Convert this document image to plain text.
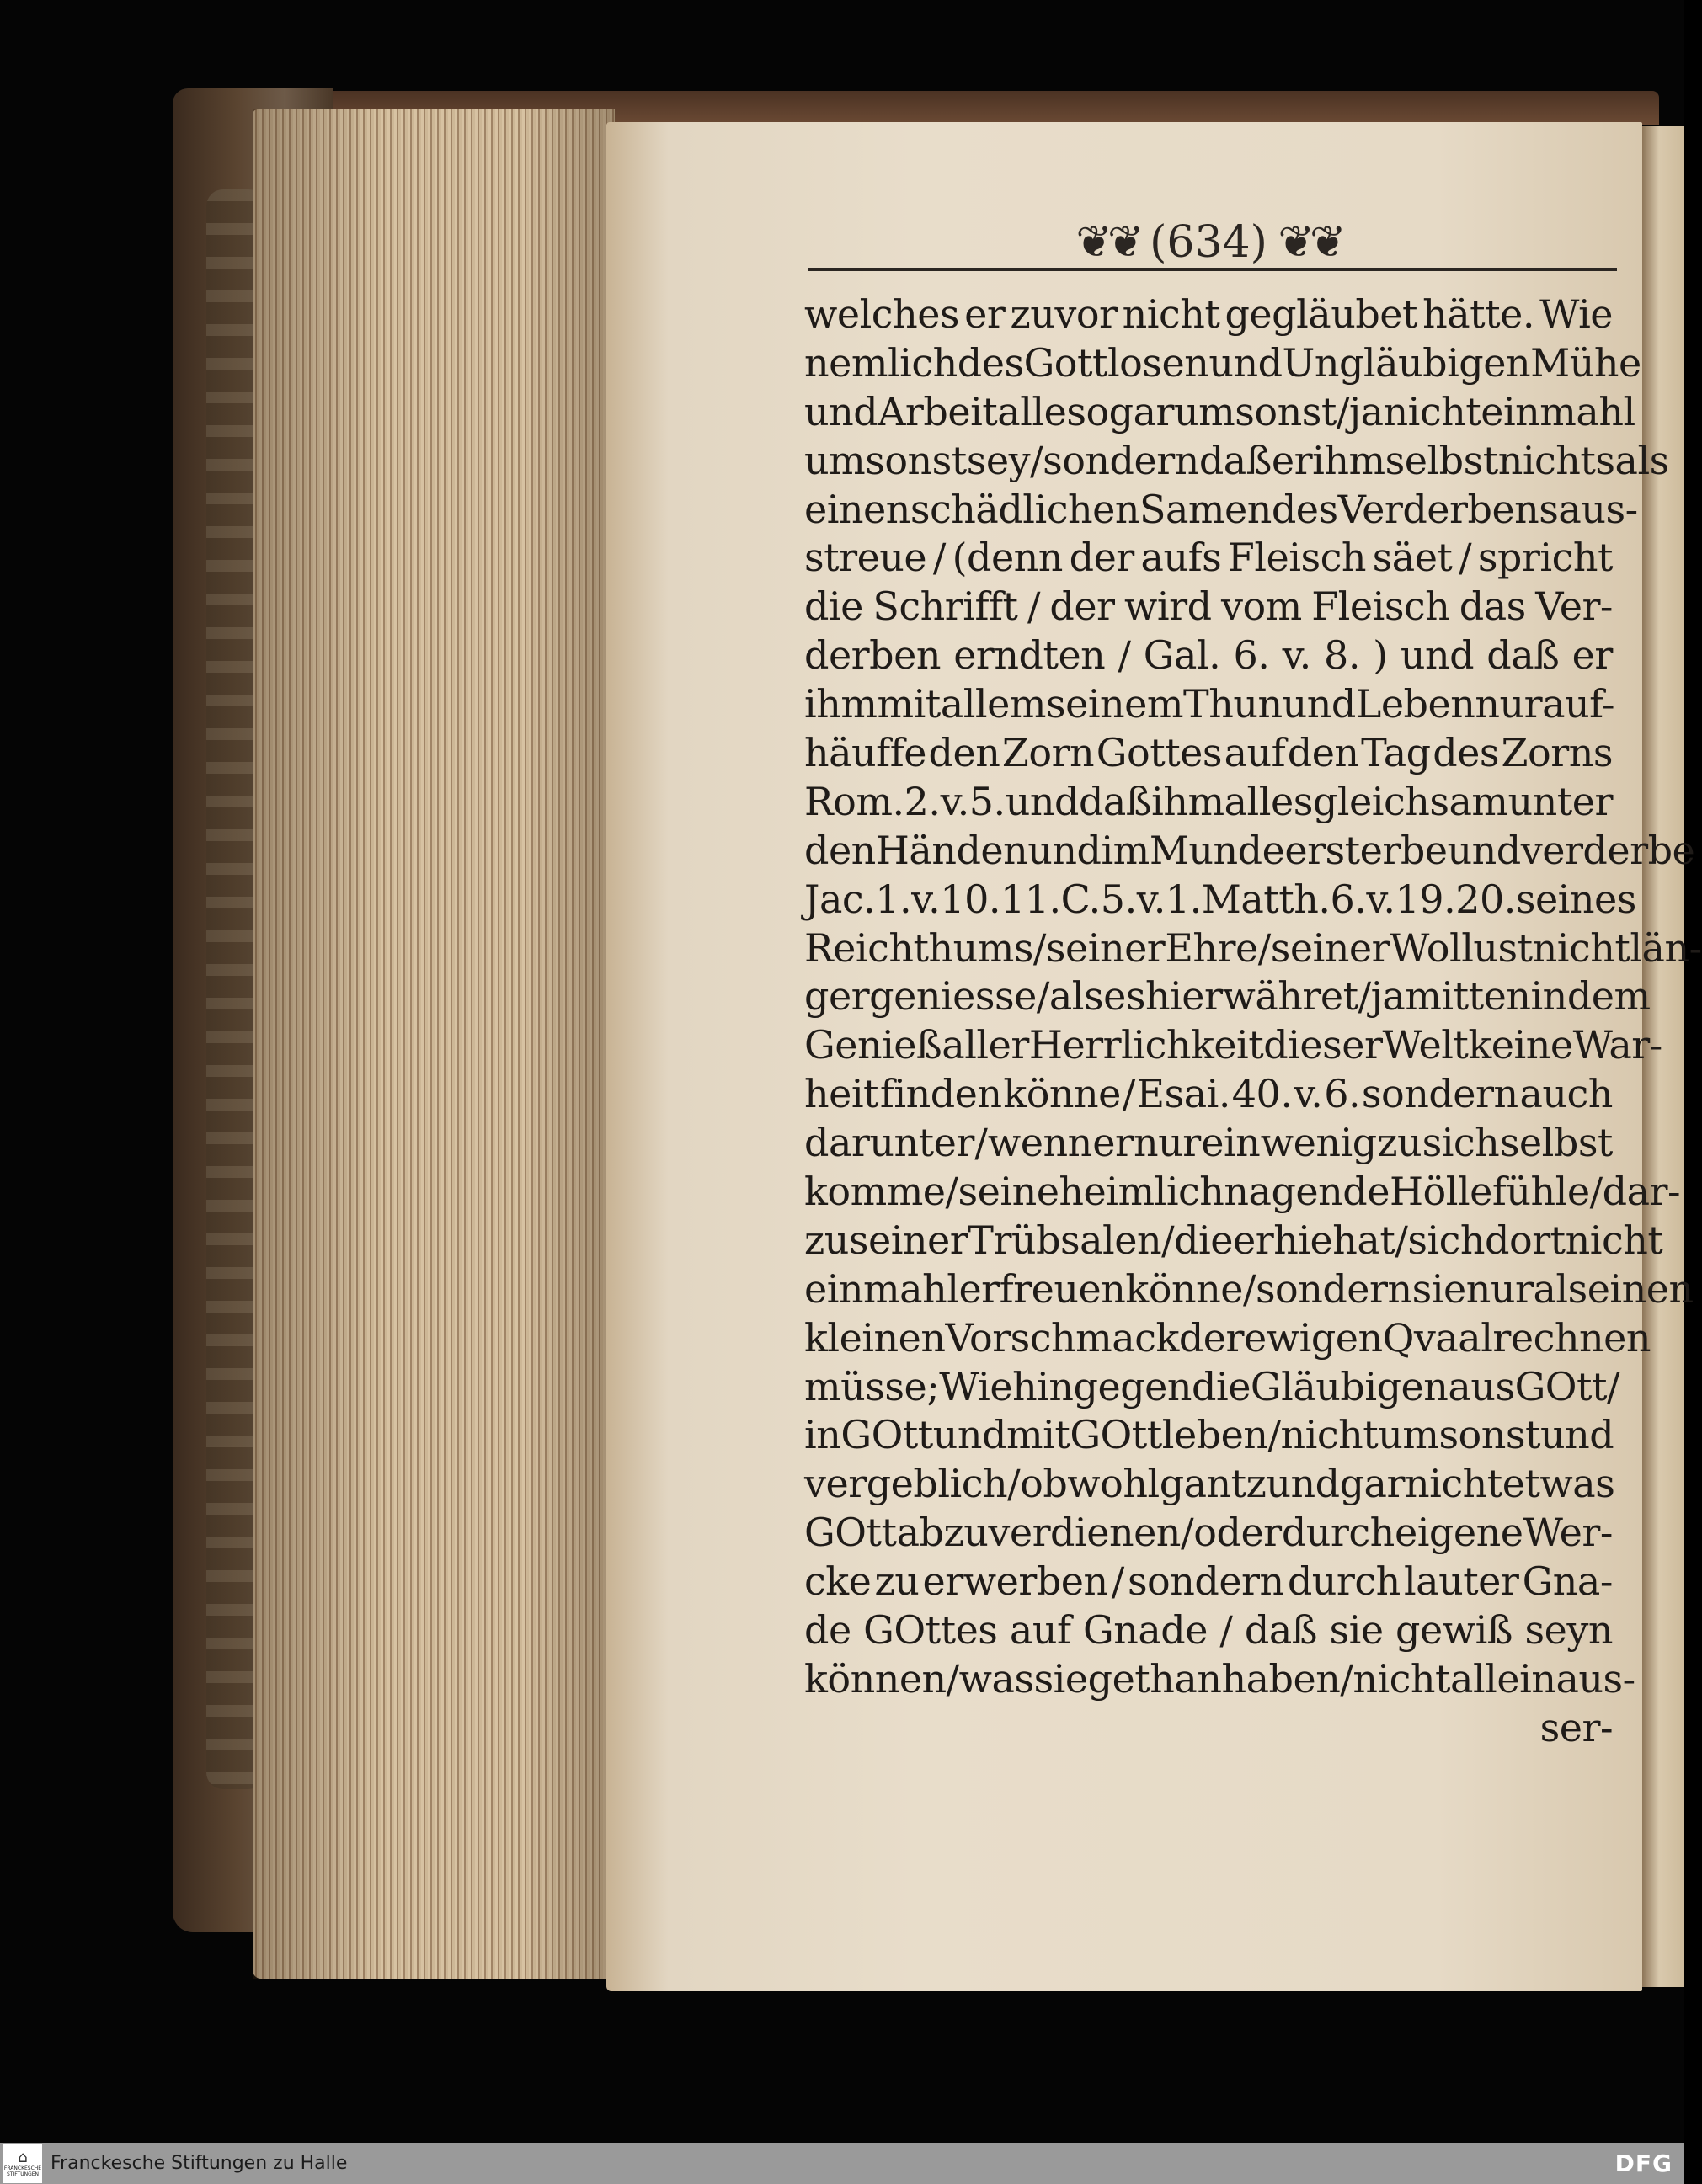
❦❦ (634) ❦❦
welches er zuvor nicht gegläubet hätte. Wie
nemlich des Gottlosen und Ungläubigen Mühe
und Arbeit alle so gar umsonst / ja nicht einmahl
umsonst sey / sondern daß er ihm selbst nichts als
einen schädlichen Samen des Verderbens aus-
streue / (denn der aufs Fleisch säet / spricht
die Schrifft / der wird vom Fleisch das Ver-
derben erndten / Gal. 6. v. 8. ) und daß er
ihm mit allem seinem Thun und Leben nur auf-
häuffe den Zorn Gottes auf den Tag des Zorns
Rom. 2. v. 5. und daß ihm alles gleichsam unter
den Händen und im Munde ersterbe und verderbe
Jac. 1. v. 10. 11. C. 5. v. 1. Matth. 6. v. 19. 20. seines
Reichthums / seiner Ehre / seiner Wollust nicht län-
ger geniesse / als es hier währet / ja mitten in dem
Genieß aller Herrlichkeit dieser Welt keine War-
heit finden könne / Esai. 40. v. 6. sondern auch
darunter / wenn er nur ein wenig zu sich selbst
komme / seine heimlich nagende Hölle fühle / dar-
zu seiner Trübsalen / die er hie hat / sich dort nicht
einmahl erfreuen könne / sondern sie nur als einen
kleinen Vorschmack der ewigen Qvaal rechnen
müsse ; Wie hingegen die Gläubigen aus GOtt /
in GOtt und mit GOtt leben / nicht umsonst und
vergeblich / ob wohl gantz und gar nicht etwas
GOtt abzuverdienen / oder durch eigene Wer-
cke zu erwerben / sondern durch lauter Gna-
de GOttes auf Gnade / daß sie gewiß seyn
können / was sie gethan haben / nicht allein aus-
ser-
⌂
FRANCKESCHE
STIFTUNGEN Franckesche Stiftungen zu Halle	DFG
